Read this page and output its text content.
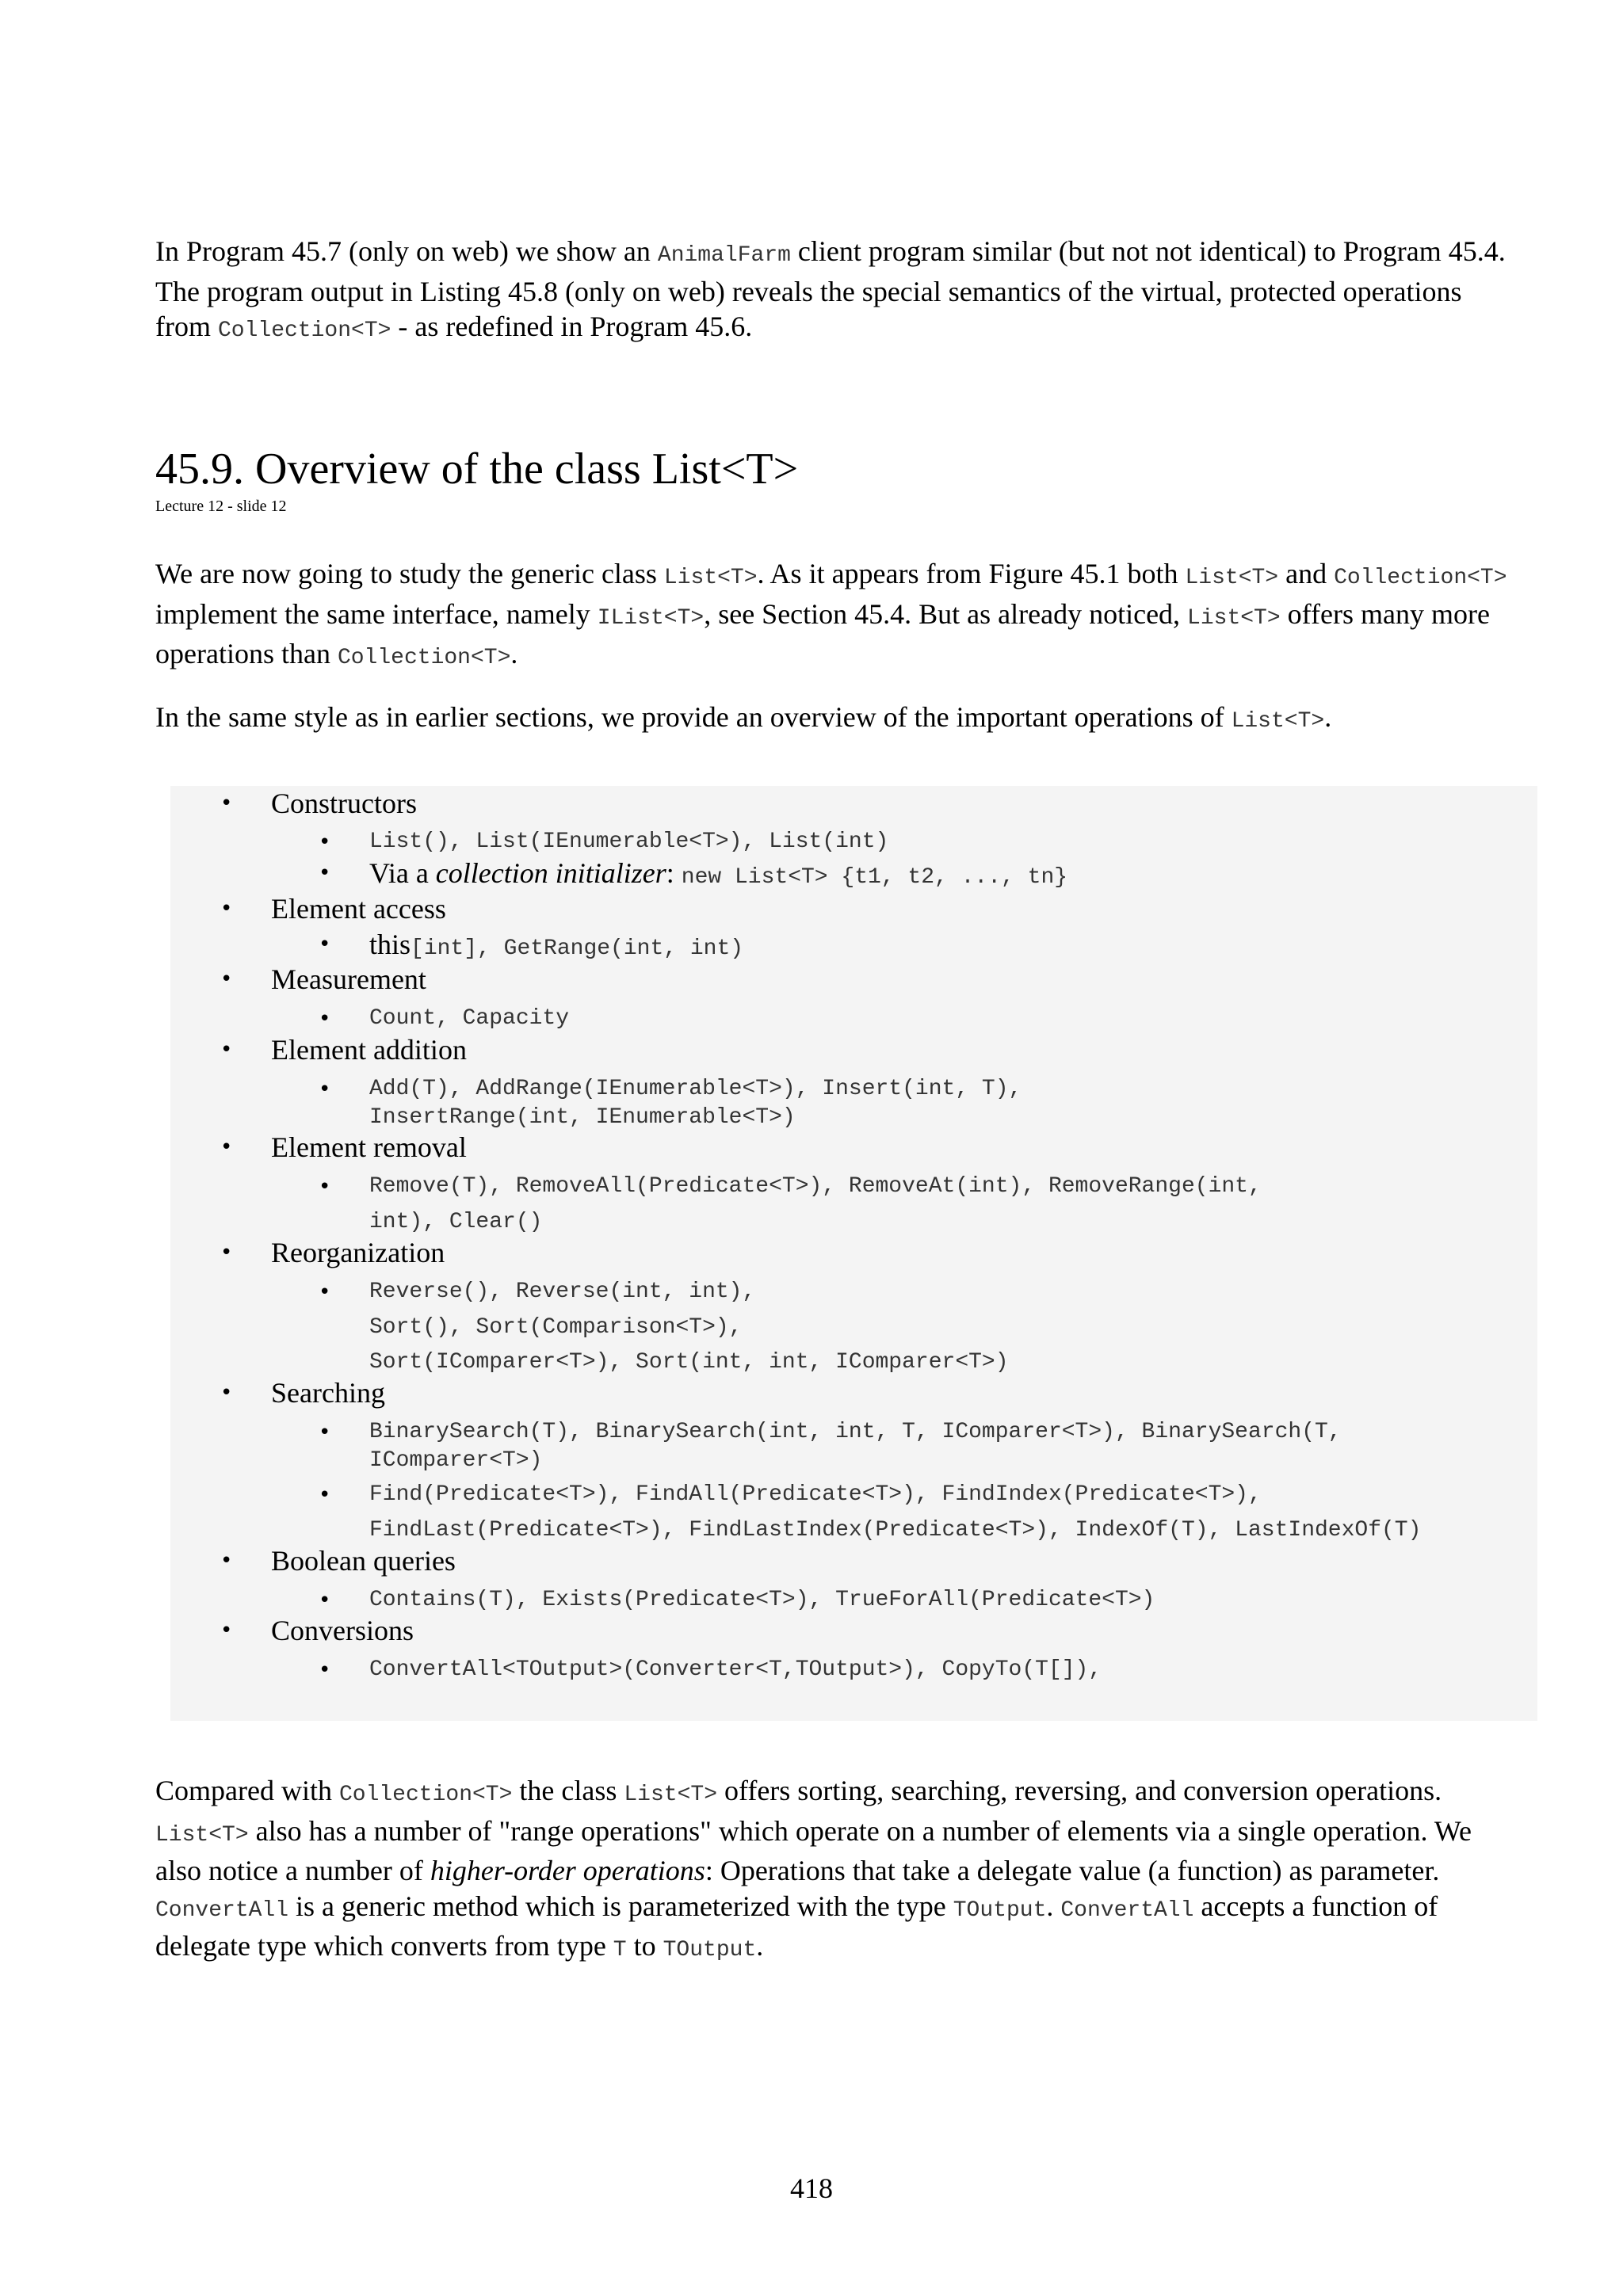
In Program 45.7 (only on web) we show an AnimalFarm client program similar (but not not identical) to Program 45.4. The program output in Listing 45.8 (only on web) reveals the special semantics of the virtual, protected operations from Collection<T> - as redefined in Program 45.6.

45.9. Overview of the class List<T>

Lecture 12 - slide 12

We are now going to study the generic class List<T>. As it appears from Figure 45.1 both List<T> and Collection<T> implement the same interface, namely IList<T>, see Section 45.4. But as already noticed, List<T> offers many more operations than Collection<T>.

In the same style as in earlier sections, we provide an overview of the important operations of List<T>.

• Constructors
• List(), List(IEnumerable<T>), List(int)
• Via a collection initializer: new List<T> {t1, t2, ..., tn}
• Element access
• this[int], GetRange(int, int)
• Measurement
• Count, Capacity
• Element addition
• Add(T), AddRange(IEnumerable<T>), Insert(int, T),
InsertRange(int, IEnumerable<T>)
• Element removal
• Remove(T), RemoveAll(Predicate<T>), RemoveAt(int), RemoveRange(int,
int), Clear()
• Reorganization
• Reverse(), Reverse(int, int),
Sort(), Sort(Comparison<T>),
Sort(IComparer<T>), Sort(int, int, IComparer<T>)
• Searching
• BinarySearch(T), BinarySearch(int, int, T, IComparer<T>), BinarySearch(T,
IComparer<T>)
• Find(Predicate<T>), FindAll(Predicate<T>), FindIndex(Predicate<T>),
FindLast(Predicate<T>), FindLastIndex(Predicate<T>), IndexOf(T), LastIndexOf(T)
• Boolean queries
• Contains(T), Exists(Predicate<T>), TrueForAll(Predicate<T>)
• Conversions
• ConvertAll<TOutput>(Converter<T,TOutput>), CopyTo(T[]),

Compared with Collection<T> the class List<T> offers sorting, searching, reversing, and conversion operations. List<T> also has a number of "range operations" which operate on a number of elements via a single operation. We also notice a number of higher-order operations: Operations that take a delegate value (a function) as parameter. ConvertAll is a generic method which is parameterized with the type TOutput. ConvertAll accepts a function of delegate type which converts from type T to TOutput.

418
